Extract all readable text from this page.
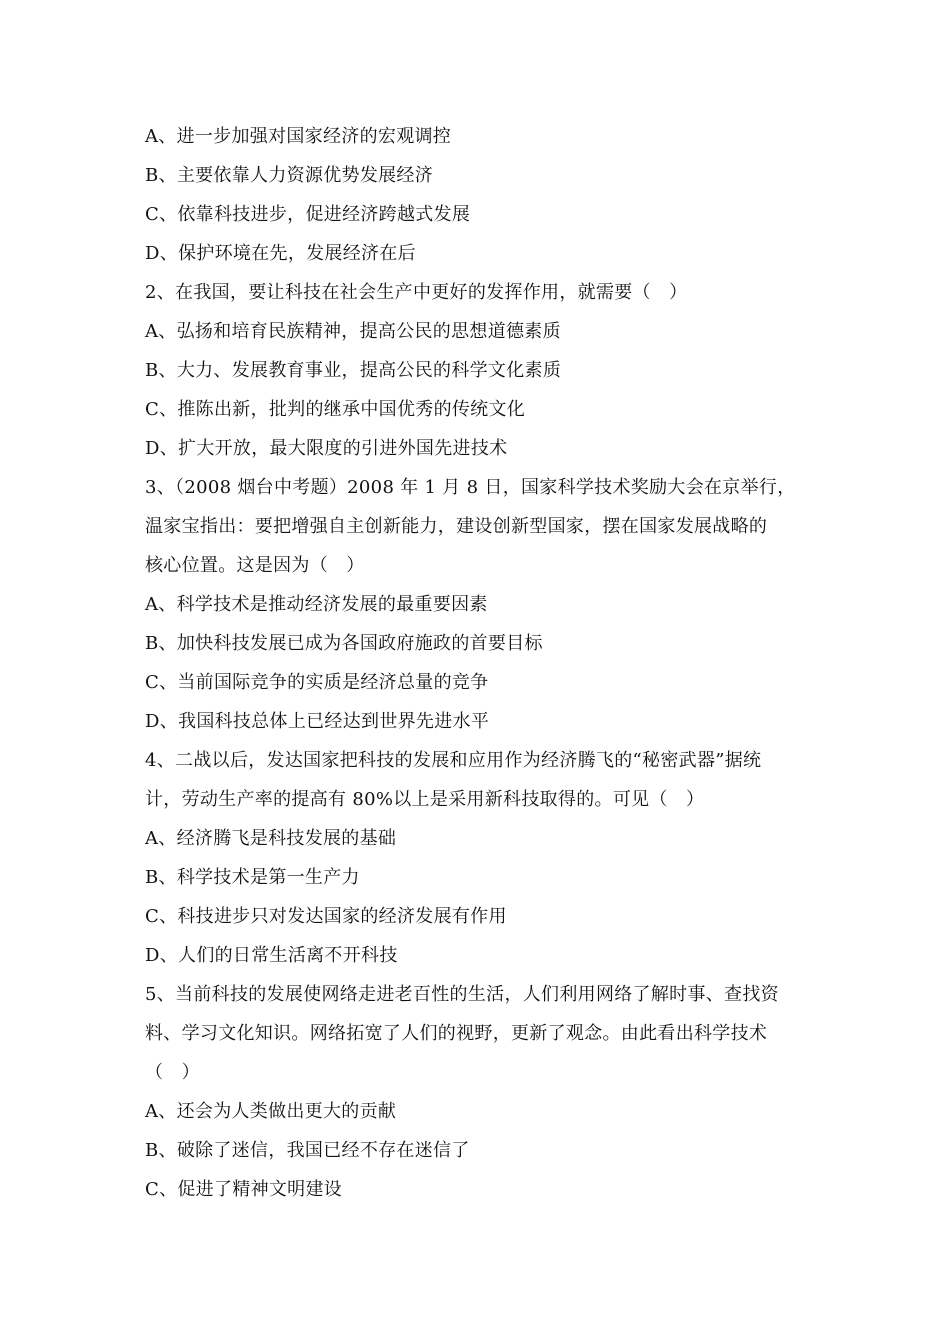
A、进一步加强对国家经济的宏观调控
B、主要依靠人力资源优势发展经济
C、依靠科技进步，促进经济跨越式发展
D、保护环境在先，发展经济在后
2、在我国，要让科技在社会生产中更好的发挥作用，就需要（　）
A、弘扬和培育民族精神，提高公民的思想道德素质
B、大力、发展教育事业，提高公民的科学文化素质
C、推陈出新，批判的继承中国优秀的传统文化
D、扩大开放，最大限度的引进外国先进技术
3、（2008 烟台中考题）2008 年 1 月 8 日，国家科学技术奖励大会在京举行，
温家宝指出：要把增强自主创新能力，建设创新型国家，摆在国家发展战略的
核心位置。这是因为（　）
A、科学技术是推动经济发展的最重要因素
B、加快科技发展已成为各国政府施政的首要目标
C、当前国际竞争的实质是经济总量的竞争
D、我国科技总体上已经达到世界先进水平
4、二战以后，发达国家把科技的发展和应用作为经济腾飞的“秘密武器”据统
计，劳动生产率的提高有 80%以上是采用新科技取得的。可见（　）
A、经济腾飞是科技发展的基础
B、科学技术是第一生产力
C、科技进步只对发达国家的经济发展有作用
D、人们的日常生活离不开科技
5、当前科技的发展使网络走进老百性的生活，人们利用网络了解时事、查找资
料、学习文化知识。网络拓宽了人们的视野，更新了观念。由此看出科学技术
（　）
A、还会为人类做出更大的贡献
B、破除了迷信，我国已经不存在迷信了
C、促进了精神文明建设
